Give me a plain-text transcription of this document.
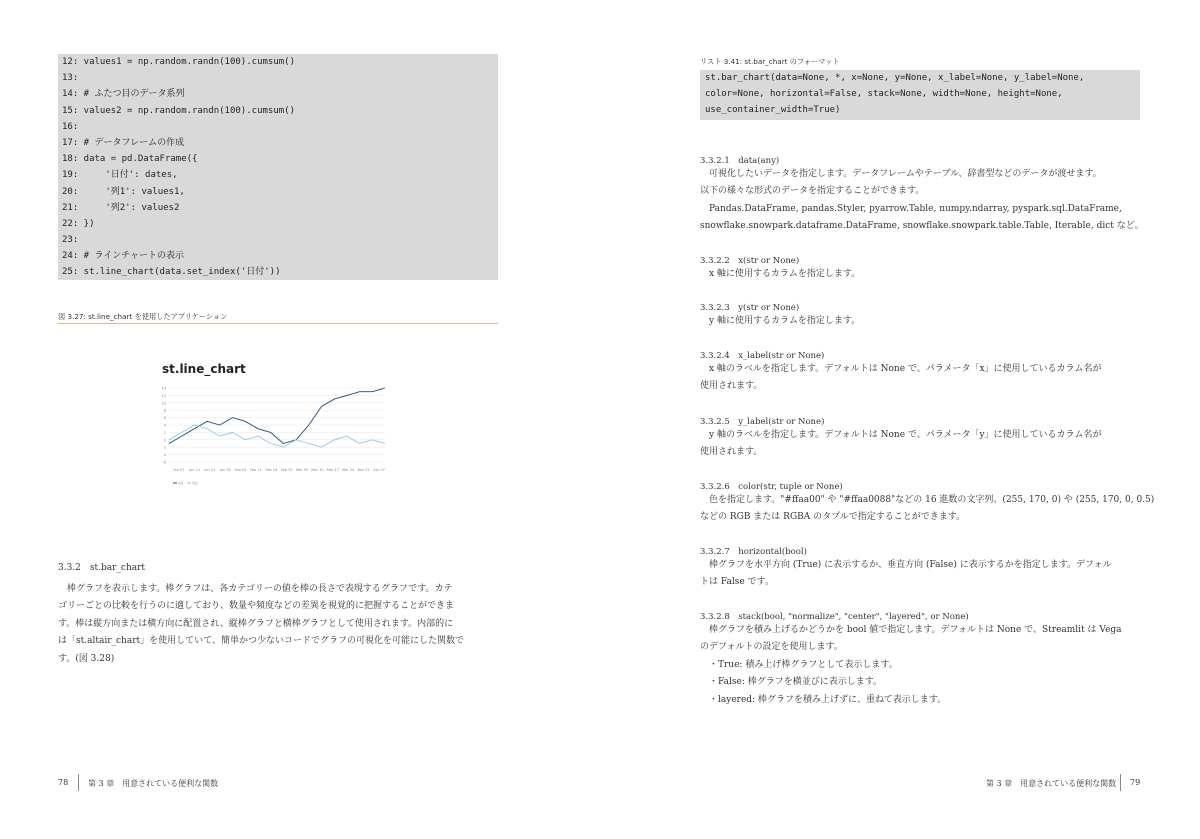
12: values1 = np.random.randn(100).cumsum()
13:
14: # ふたつ目のデータ系列
15: values2 = np.random.randn(100).cumsum()
16:
17: # データフレームの作成
18: data = pd.DataFrame({
19:     '日付': dates,
20:     '列1': values1,
21:     '列2': values2
22: })
23:
24: # ラインチャートの表示
25: st.line_chart(data.set_index('日付'))
図 3.27: st.line_chart を使用したアプリケーション
st.line_chart
14
12
10
8
6
4
2
0
-2
-4
-6
Jan 07 Jan 14 Jan 21 Jan 28 Feb 04 Feb 11 Feb 18 Feb 25 Mar 03 Mar 10 Mar 17 Mar 24 Mar 31 Apr 07
列1 列2
3.3.2　st.bar_chart
　棒グラフを表示します。棒グラフは、各カテゴリーの値を棒の長さで表現するグラフです。カテ
ゴリーごとの比較を行うのに適しており、数量や頻度などの差異を視覚的に把握することができま
す。棒は縦方向または横方向に配置され、縦棒グラフと横棒グラフとして使用されます。内部的に
は「st.altair_chart」を使用していて、簡単かつ少ないコードでグラフの可視化を可能にした関数で
す。(図 3.28)
78 第 3 章　用意されている便利な関数
リスト 3.41: st.bar_chart のフォーマット
st.bar_chart(data=None, *, x=None, y=None, x_label=None, y_label=None,
color=None, horizontal=False, stack=None, width=None, height=None,
use_container_width=True)
3.3.2.1　data(any)
　可視化したいデータを指定します。データフレームやテーブル、辞書型などのデータが渡せます。
以下の様々な形式のデータを指定することができます。
　Pandas.DataFrame, pandas.Styler, pyarrow.Table, numpy.ndarray, pyspark.sql.DataFrame,
snowflake.snowpark.dataframe.DataFrame, snowflake.snowpark.table.Table, Iterable, dict など。
3.3.2.2　x(str or None)
　x 軸に使用するカラムを指定します。
3.3.2.3　y(str or None)
　y 軸に使用するカラムを指定します。
3.3.2.4　x_label(str or None)
　x 軸のラベルを指定します。デフォルトは None で、パラメータ「x」に使用しているカラム名が
使用されます。
3.3.2.5　y_label(str or None)
　y 軸のラベルを指定します。デフォルトは None で、パラメータ「y」に使用しているカラム名が
使用されます。
3.3.2.6　color(str, tuple or None)
　色を指定します。"#ffaa00" や "#ffaa0088"などの 16 進数の文字列、(255, 170, 0) や (255, 170, 0, 0.5)
などの RGB または RGBA のタプルで指定することができます。
3.3.2.7　horizontal(bool)
　棒グラフを水平方向 (True) に表示するか、垂直方向 (False) に表示するかを指定します。デフォル
トは False です。
3.3.2.8　stack(bool, "normalize", "center", "layered", or None)
　棒グラフを積み上げるかどうかを bool 値で指定します。デフォルトは None で、Streamlit は Vega
のデフォルトの設定を使用します。
　・True: 積み上げ棒グラフとして表示します。
　・False: 棒グラフを横並びに表示します。
　・layered: 棒グラフを積み上げずに、重ねて表示します。
第 3 章　用意されている便利な関数 79
